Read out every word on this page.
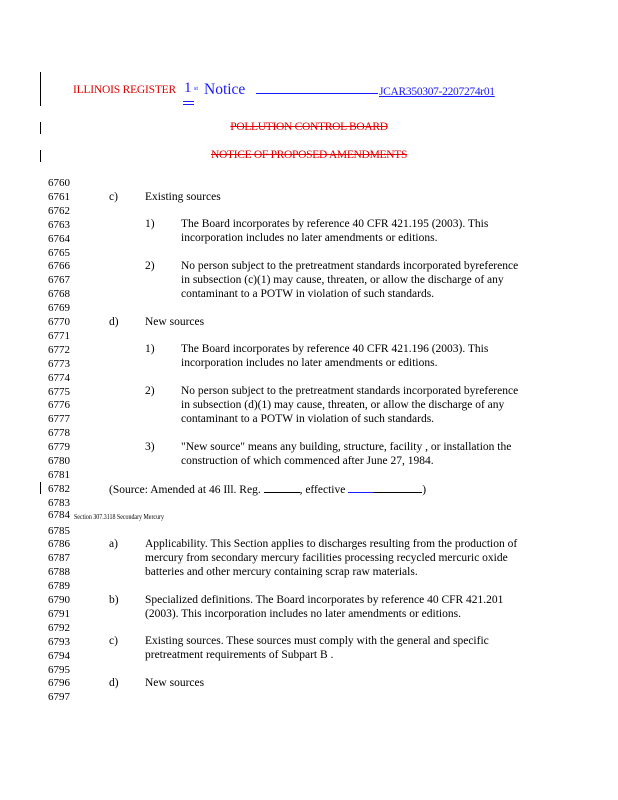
ILLINOIS REGISTER 1 st Notice	JCAR350307-2207274r01
POLLUTION CONTROL BOARD
NOTICE OF PROPOSED AMENDMENTS
6760
6761
6762
6763
6764
6765
6766
6767
6768
6769
6770
6771
6772
6773
6774
6775
6776
6777
6778
6779
6780
6781
6782
6783
6784
6785
6786
6787
6788
6789
6790
6791
6792
6793
6794
6795
6796
6797
c) Existing sources
1) The Board incorporates by reference 40 CFR 421.195 (2003). This
incorporation includes no later amendments or editions.
2) No person subject to the pretreatment standards incorporated byreference
in subsection (c)(1) may cause, threaten, or allow the discharge of any
contaminant to a POTW in violation of such standards.
d) New sources
1) The Board incorporates by reference 40 CFR 421.196 (2003). This
incorporation includes no later amendments or editions.
2) No person subject to the pretreatment standards incorporated byreference
in subsection (d)(1) may cause, threaten, or allow the discharge of any
contaminant to a POTW in violation of such standards.
3) "New source" means any building, structure, facility , or installation the
construction of which commenced after June 27, 1984.
(Source: Amended at 46 Ill. Reg.	, effective	)
Section 307.3118 Secondary Mercury
a) Applicability. This Section applies to discharges resulting from the production of
mercury from secondary mercury facilities processing recycled mercuric oxide
batteries and other mercury containing scrap raw materials.
b) Specialized definitions. The Board incorporates by reference 40 CFR 421.201
(2003). This incorporation includes no later amendments or editions.
c) Existing sources. These sources must comply with the general and specific
pretreatment requirements of Subpart B .
d) New sources
